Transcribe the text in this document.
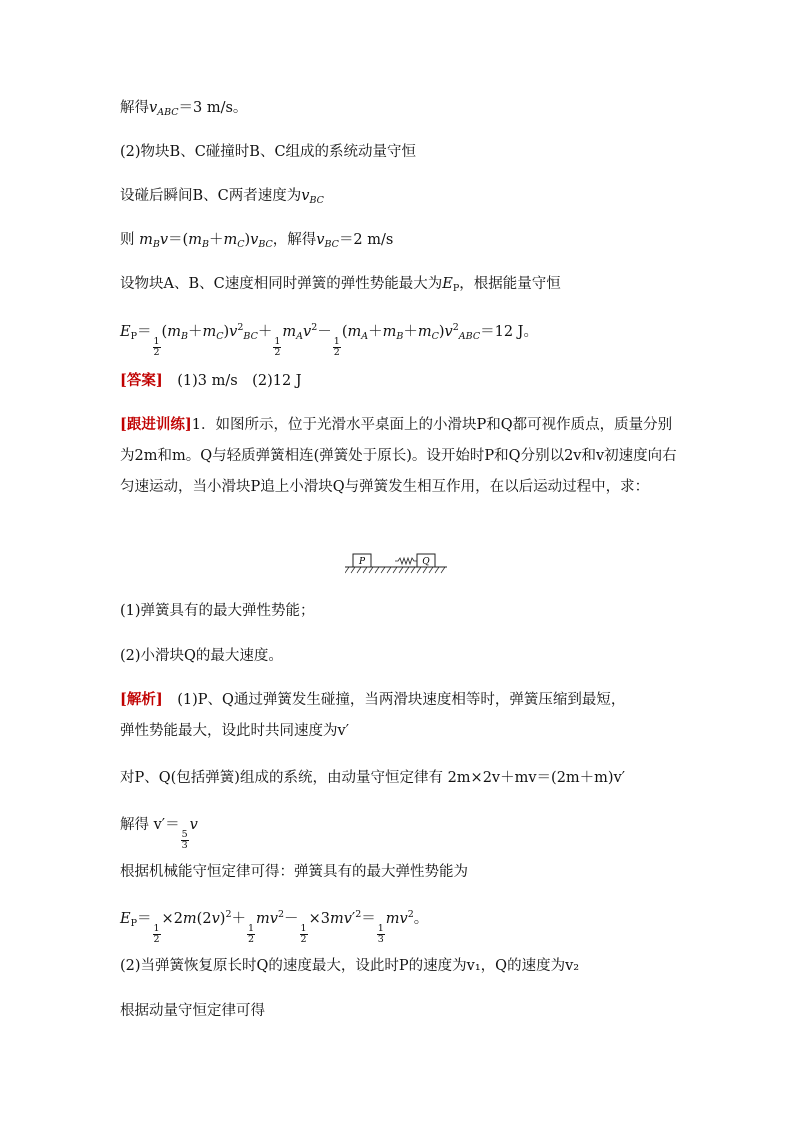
解得$v_{ABC}=3$ m/s。
(2)物块B、C碰撞时B、C组成的系统动量守恒
设碰后瞬间B、C两者速度为$v_{BC}$
则 $m_Bv=(m_B+m_C)v_{BC}$，解得$v_{BC}=2$ m/s
设物块A、B、C速度相同时弹簧的弹性势能最大为$E_P$，根据能量守恒
$E_P=$
$\frac{1}{2}$
$(m_B+m_C)v^2_{BC}+$
$\frac{1}{2}$
$m_Av^2-$
$\frac{1}{2}$
$(m_A+m_B+m_C)v^2_{ABC}=12$ J。
[答案]　 (1)3 m/s　(2)12 J
[跟进训练]1．如图所示，位于光滑水平桌面上的小滑块P和Q都可视作质点，质量分别为2m和m。Q与轻质弹簧相连(弹簧处于原长)。设开始时P和Q分别以2v和v初速度向右匀速运动，当小滑块P追上小滑块Q与弹簧发生相互作用，在以后运动过程中，求：
P	Q
(1)弹簧具有的最大弹性势能；
(2)小滑块Q的最大速度。
[解析]　 (1)P、Q通过弹簧发生碰撞，当两滑块速度相等时，弹簧压缩到最短，
弹性势能最大，设此时共同速度为v′
对P、Q(包括弹簧)组成的系统，由动量守恒定律有 2m×2v＋mv＝(2m＋m)v′
解得 v′＝
$\frac{5}{3}$
v
根据机械能守恒定律可得：弹簧具有的最大弹性势能为
$E_P=$
$\frac{1}{2}$
$\times 2m(2v)^2+$
$\frac{1}{2}$
$mv^2-$
$\frac{1}{2}$
$\times 3mv'^2=$
$\frac{1}{3}$
$mv^2$。
(2)当弹簧恢复原长时Q的速度最大，设此时P的速度为v₁，Q的速度为v₂
根据动量守恒定律可得
